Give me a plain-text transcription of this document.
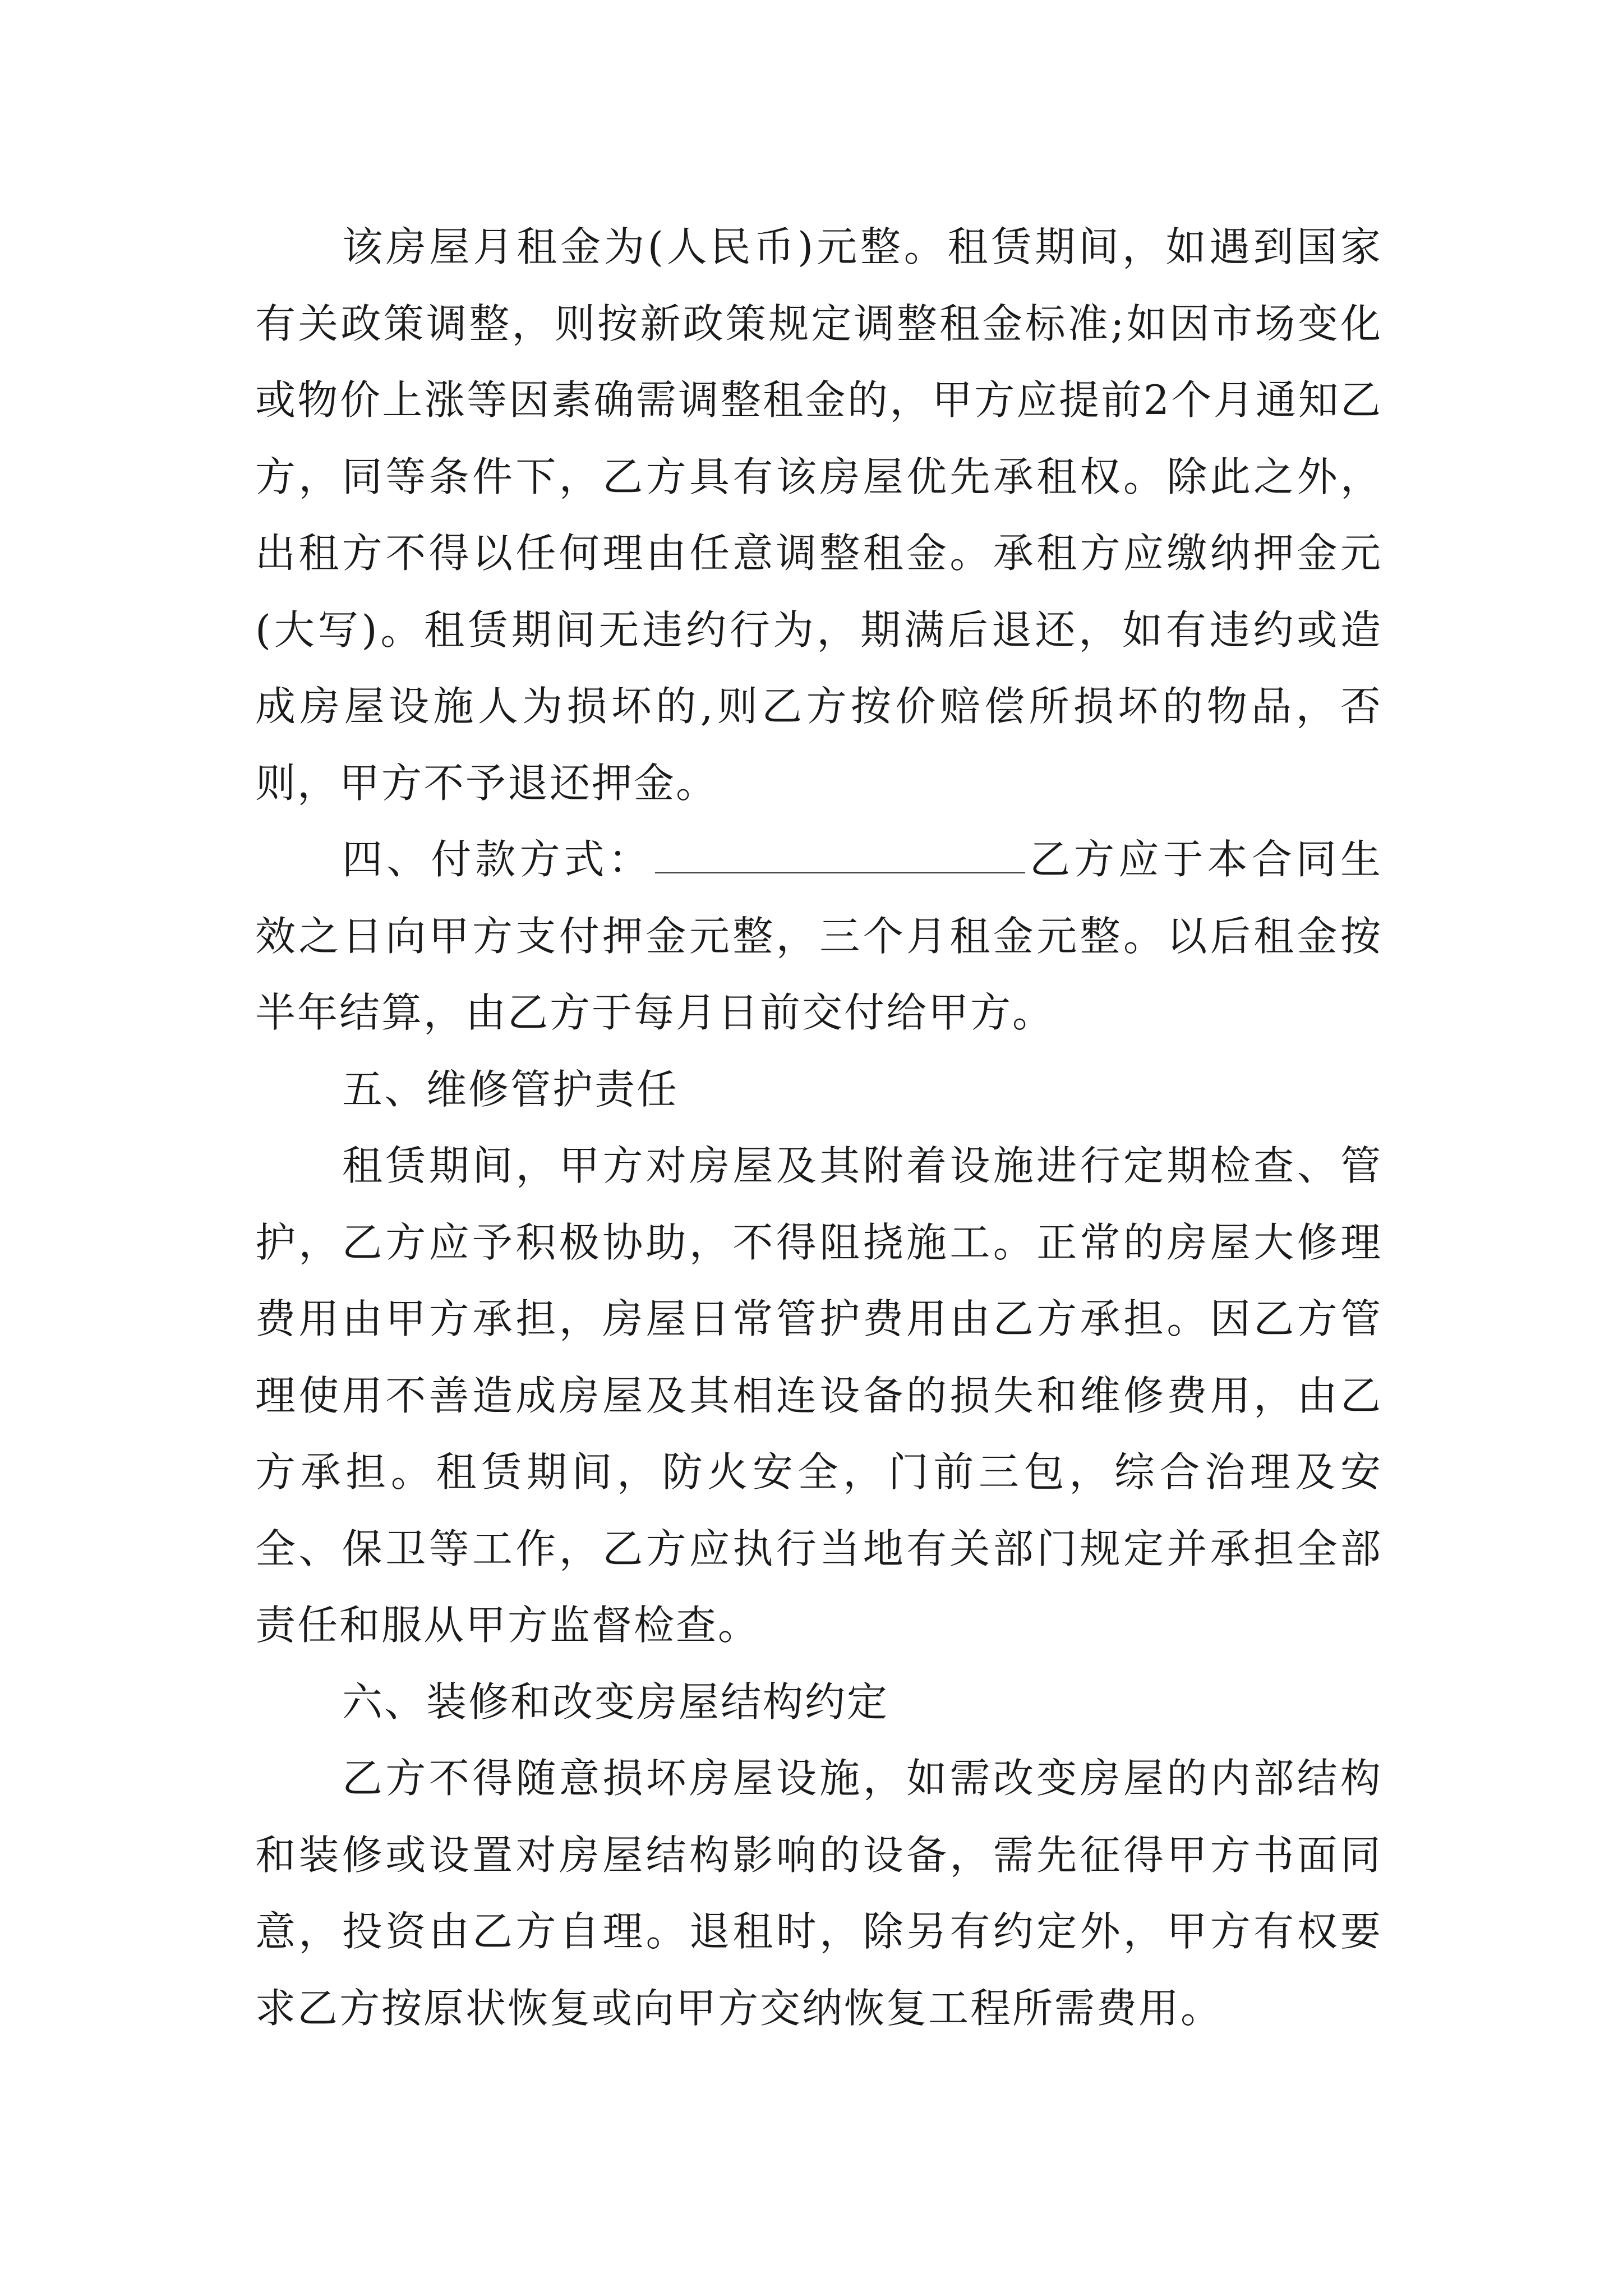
该房屋月租金为(人民币)元整。租赁期间，如遇到国家有关政策调整，则按新政策规定调整租金标准;如因市场变化或物价上涨等因素确需调整租金的，甲方应提前2个月通知乙方，同等条件下，乙方具有该房屋优先承租权。除此之外，出租方不得以任何理由任意调整租金。承租方应缴纳押金元(大写)。租赁期间无违约行为，期满后退还，如有违约或造成房屋设施人为损坏的,则乙方按价赔偿所损坏的物品，否则，甲方不予退还押金。

四、付款方式：	乙方应于本合同生效之日向甲方支付押金元整，三个月租金元整。以后租金按半年结算，由乙方于每月日前交付给甲方。

五、维修管护责任

租赁期间，甲方对房屋及其附着设施进行定期检查、管护，乙方应予积极协助，不得阻挠施工。正常的房屋大修理费用由甲方承担，房屋日常管护费用由乙方承担。因乙方管理使用不善造成房屋及其相连设备的损失和维修费用，由乙方承担。租赁期间，防火安全，门前三包，综合治理及安全、保卫等工作，乙方应执行当地有关部门规定并承担全部责任和服从甲方监督检查。

六、装修和改变房屋结构约定

乙方不得随意损坏房屋设施，如需改变房屋的内部结构和装修或设置对房屋结构影响的设备，需先征得甲方书面同意，投资由乙方自理。退租时，除另有约定外，甲方有权要求乙方按原状恢复或向甲方交纳恢复工程所需费用。
